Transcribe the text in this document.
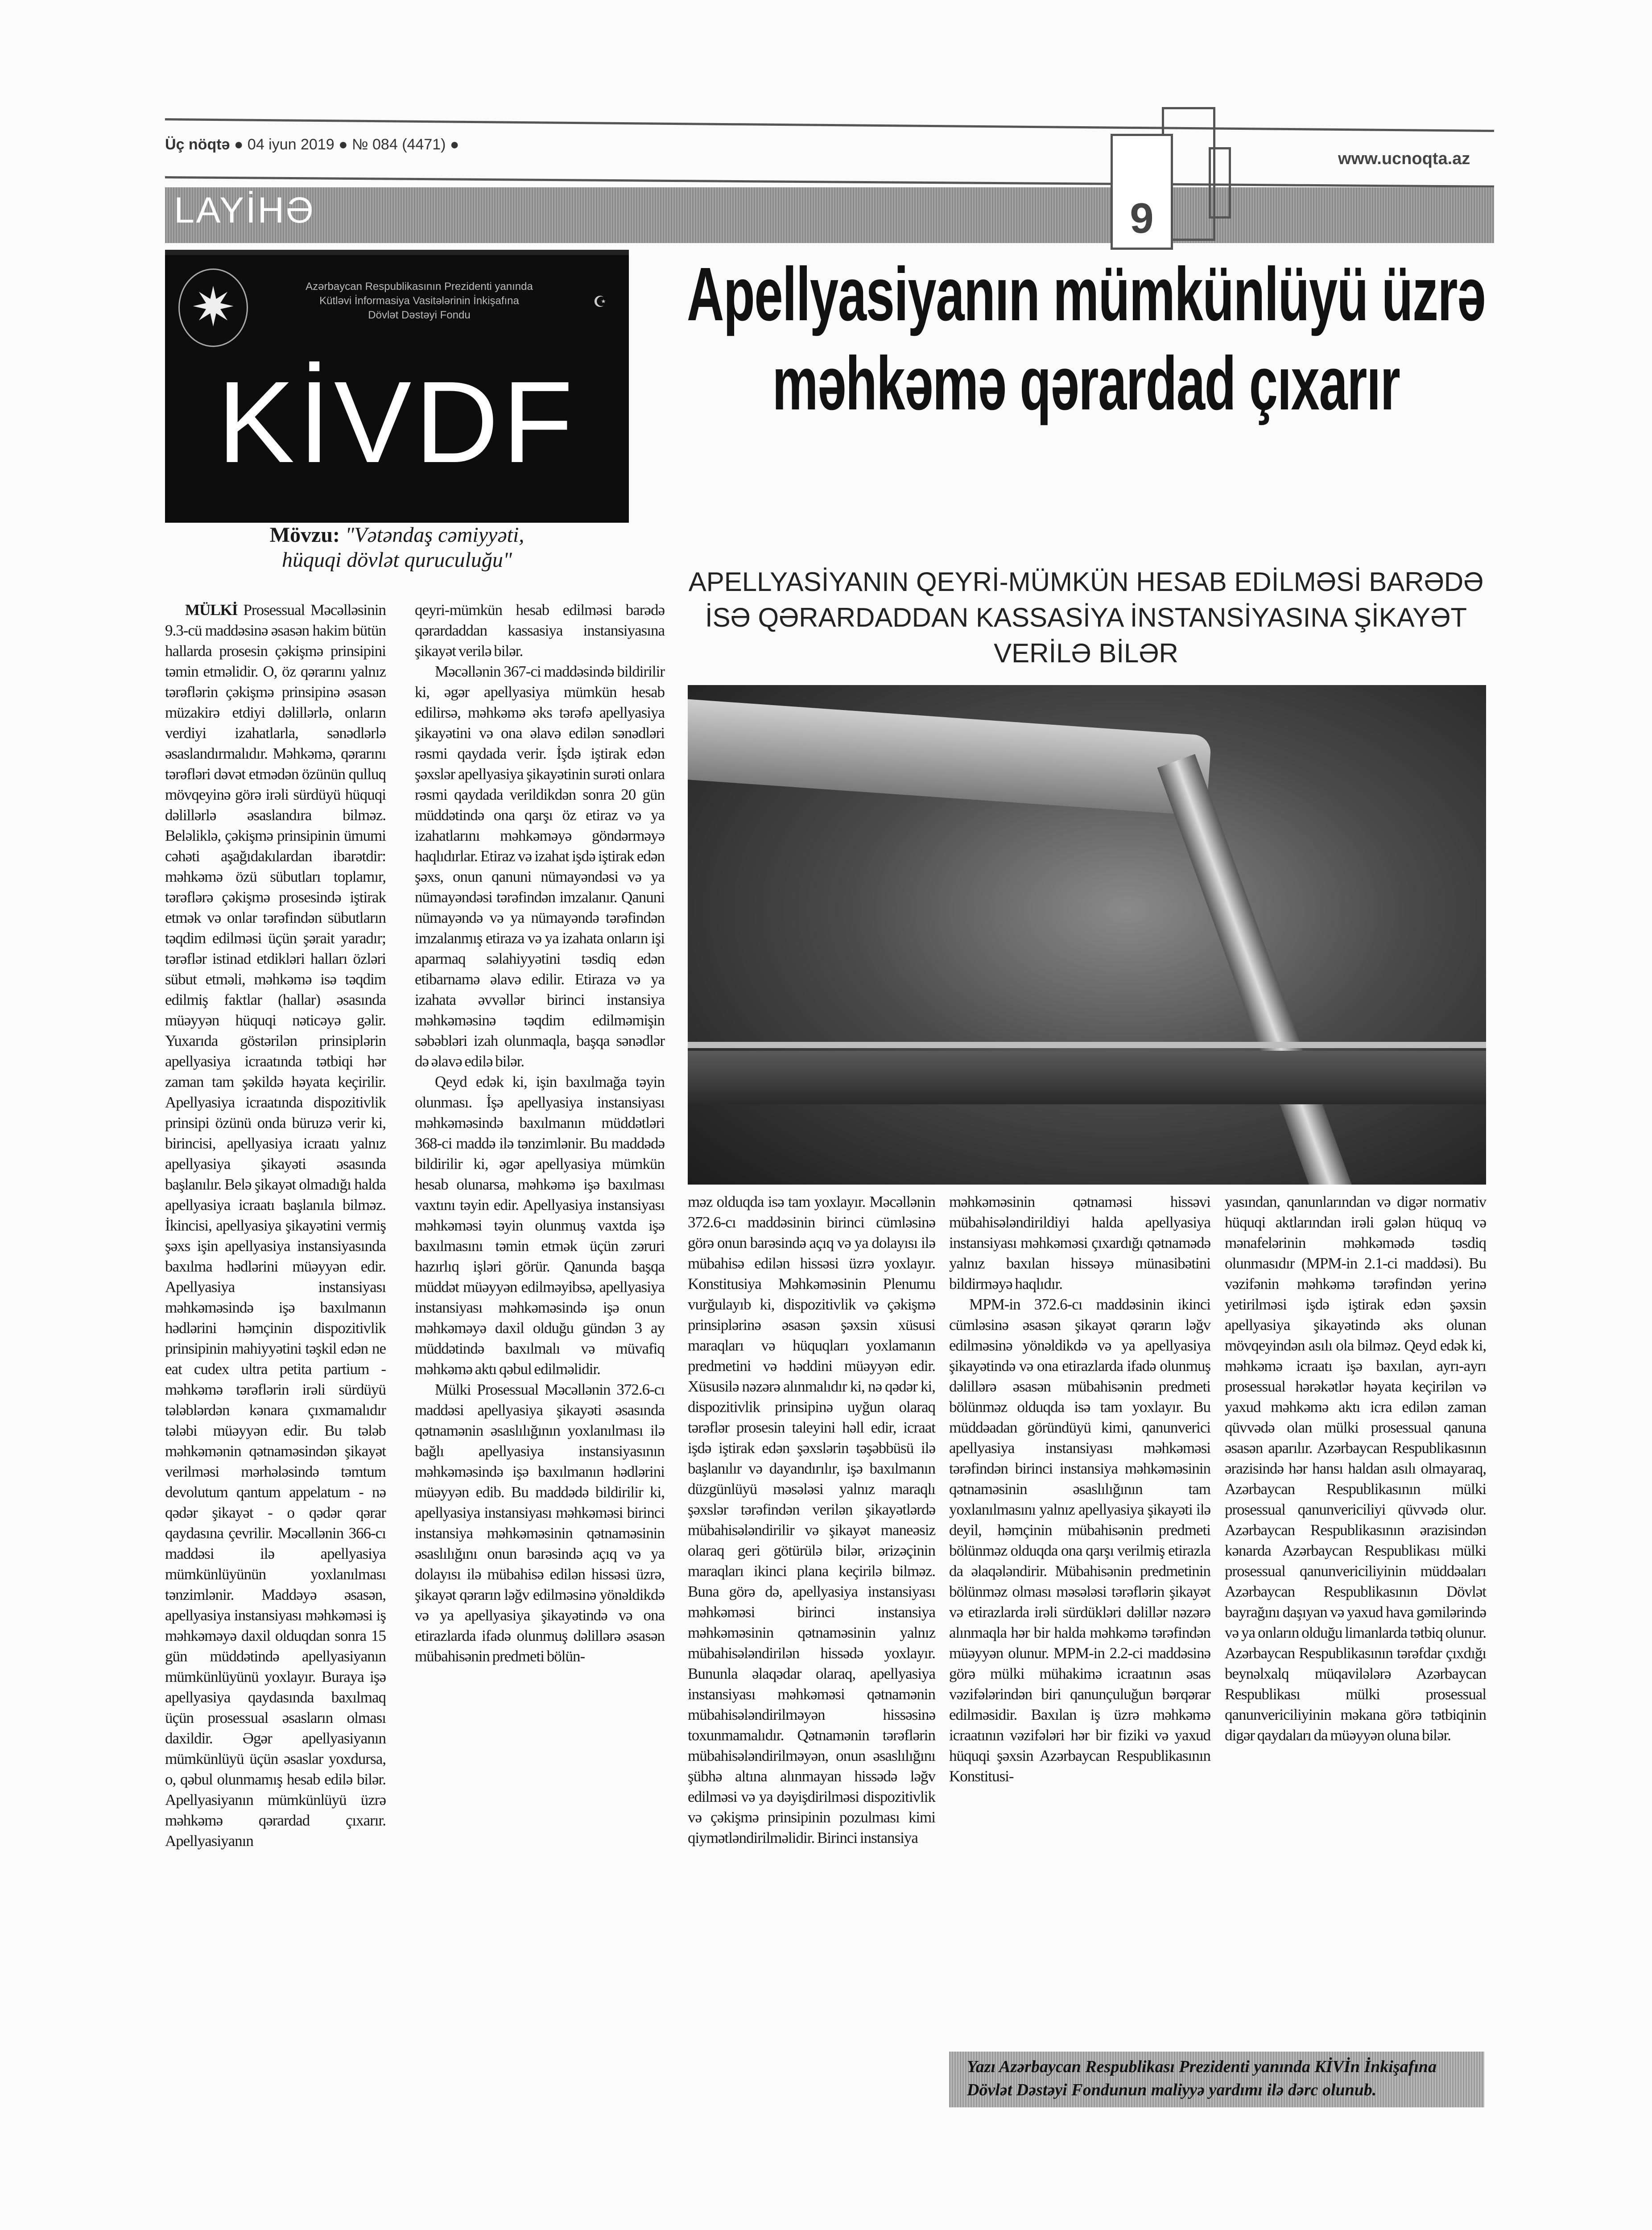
Üç nöqtə ● 04 iyun 2019 ● № 084 (4471) ●
www.ucnoqta.az
LAYİHƏ	9
✷	Azərbaycan Respublikasının Prezidenti yanında
Kütləvi İnformasiya Vasitələrinin İnkişafına
Dövlət Dəstəyi Fondu
☪
KİVDF
Mövzu: "Vətəndaş cəmiyyəti,
hüquqi dövlət quruculuğu"
Apellyasiyanın mümkünlüyü üzrə məhkəmə qərardad çıxarır
APELLYASİYANIN QEYRİ-MÜMKÜN HESAB EDİLMƏSİ BARƏDƏ İSƏ QƏRARDADDAN KASSASİYA İNSTANSİYASINA ŞİKAYƏT VERİLƏ BİLƏR

MÜLKİ Prosessual Məcəlləsinin 9.3-cü maddəsinə əsasən hakim bütün hallarda prosesin çəkişmə prinsipini təmin etməlidir. O, öz qərarını yalnız tərəflərin çəkişmə prinsipinə əsasən müzakirə etdiyi dəlillərlə, onların verdiyi izahatlarla, sənədlərlə əsaslandırmalıdır. Məhkəmə, qərarını tərəfləri dəvət etmədən özünün qulluq mövqeyinə görə irəli sürdüyü hüquqi dəlillərlə əsaslandıra bilməz. Beləliklə, çəkişmə prinsipinin ümumi cəhəti aşağıdakılardan ibarətdir: məhkəmə özü sübutları toplamır, tərəflərə çəkişmə prosesində iştirak etmək və onlar tərəfindən sübutların təqdim edilməsi üçün şərait yaradır; tərəflər istinad etdikləri halları özləri sübut etməli, məhkəmə isə təqdim edilmiş faktlar (hallar) əsasında müəyyən hüquqi nəticəyə gəlir. Yuxarıda göstərilən prinsiplərin apellyasiya icraatında tətbiqi hər zaman tam şəkildə həyata keçirilir. Apellyasiya icraatında dispozitivlik prinsipi özünü onda büruzə verir ki, birincisi, apellyasiya icraatı yalnız apellyasiya şikayəti əsasında başlanılır. Belə şikayət olmadığı halda apellyasiya icraatı başlanıla bilməz. İkincisi, apellyasiya şikayətini vermiş şəxs işin apellyasiya instansiyasında baxılma hədlərini müəyyən edir. Apellyasiya instansiyası məhkəməsində işə baxılmanın hədlərini həmçinin dispozitivlik prinsipinin mahiyyətini təşkil edən ne eat cudex ultra petita partium - məhkəmə tərəflərin irəli sürdüyü tələblərdən kənara çıxmamalıdır tələbi müəyyən edir. Bu tələb məhkəmənin qətnaməsindən şikayət verilməsi mərhələsində təmtum devolutum qantum appelatum - nə qədər şikayət - o qədər qərar qaydasına çevrilir. Məcəllənin 366-cı maddəsi ilə apellyasiya mümkünlüyünün yoxlanılması tənzimlənir. Maddəyə əsasən, apellyasiya instansiyası məhkəməsi iş məhkəməyə daxil olduqdan sonra 15 gün müddətində apellyasiyanın mümkünlüyünü yoxlayır. Buraya işə apellyasiya qaydasında baxılmaq üçün prosessual əsasların olması daxildir. Əgər apellyasiyanın mümkünlüyü üçün əsaslar yoxdursa, o, qəbul olunmamış hesab edilə bilər. Apellyasiyanın mümkünlüyü üzrə məhkəmə qərardad çıxarır. Apellyasiyanın

qeyri-mümkün hesab edilməsi barədə qərardaddan kassasiya instansiyasına şikayət verilə bilər.

Məcəllənin 367-ci maddəsində bildirilir ki, əgər apellyasiya mümkün hesab edilirsə, məhkəmə əks tərəfə apellyasiya şikayətini və ona əlavə edilən sənədləri rəsmi qaydada verir. İşdə iştirak edən şəxslər apellyasiya şikayətinin surəti onlara rəsmi qaydada verildikdən sonra 20 gün müddətində ona qarşı öz etiraz və ya izahatlarını məhkəməyə göndərməyə haqlıdırlar. Etiraz və izahat işdə iştirak edən şəxs, onun qanuni nümayəndəsi və ya nümayəndəsi tərəfindən imzalanır. Qanuni nümayəndə və ya nümayəndə tərəfindən imzalanmış etiraza və ya izahata onların işi aparmaq səlahiyyətini təsdiq edən etibarnamə əlavə edilir. Etiraza və ya izahata əvvəllər birinci instansiya məhkəməsinə təqdim edilməmişin səbəbləri izah olunmaqla, başqa sənədlər də əlavə edilə bilər.

Qeyd edək ki, işin baxılmağa təyin olunması. İşə apellyasiya instansiyası məhkəməsində baxılmanın müddətləri 368-ci maddə ilə tənzimlənir. Bu maddədə bildirilir ki, əgər apellyasiya mümkün hesab olunarsa, məhkəmə işə baxılması vaxtını təyin edir. Apellyasiya instansiyası məhkəməsi təyin olunmuş vaxtda işə baxılmasını təmin etmək üçün zəruri hazırlıq işləri görür. Qanunda başqa müddət müəyyən edilməyibsə, apellyasiya instansiyası məhkəməsində işə onun məhkəməyə daxil olduğu gündən 3 ay müddətində baxılmalı və müvafiq məhkəmə aktı qəbul edilməlidir.

Mülki Prosessual Məcəllənin 372.6-cı maddəsi apellyasiya şikayəti əsasında qətnamənin əsaslılığının yoxlanılması ilə bağlı apellyasiya instansiyasının məhkəməsində işə baxılmanın hədlərini müəyyən edib. Bu maddədə bildirilir ki, apellyasiya instansiyası məhkəməsi birinci instansiya məhkəməsinin qətnaməsinin əsaslılığını onun barəsində açıq və ya dolayısı ilə mübahisə edilən hissəsi üzrə, şikayət qərarın ləğv edilməsinə yönəldikdə və ya apellyasiya şikayətində və ona etirazlarda ifadə olunmuş dəlillərə əsasən mübahisənin predmeti bölün-

məz olduqda isə tam yoxlayır. Məcəllənin 372.6-cı maddəsinin birinci cümləsinə görə onun barəsində açıq və ya dolayısı ilə mübahisə edilən hissəsi üzrə yoxlayır. Konstitusiya Məhkəməsinin Plenumu vurğulayıb ki, dispozitivlik və çəkişmə prinsiplərinə əsasən şəxsin xüsusi maraqları və hüquqları yoxlamanın predmetini və həddini müəyyən edir. Xüsusilə nəzərə alınmalıdır ki, nə qədər ki, dispozitivlik prinsipinə uyğun olaraq tərəflər prosesin taleyini həll edir, icraat işdə iştirak edən şəxslərin təşəbbüsü ilə başlanılır və dayandırılır, işə baxılmanın düzgünlüyü məsələsi yalnız maraqlı şəxslər tərəfindən verilən şikayətlərdə mübahisələndirilir və şikayət maneəsiz olaraq geri götürülə bilər, ərizəçinin maraqları ikinci plana keçirilə bilməz. Buna görə də, apellyasiya instansiyası məhkəməsi birinci instansiya məhkəməsinin qətnaməsinin yalnız mübahisələndirilən hissədə yoxlayır. Bununla əlaqədar olaraq, apellyasiya instansiyası məhkəməsi qətnamənin mübahisələndirilməyən hissəsinə toxunmamalıdır. Qətnamənin tərəflərin mübahisələndirilməyən, onun əsaslılığını şübhə altına alınmayan hissədə ləğv edilməsi və ya dəyişdirilməsi dispozitivlik və çəkişmə prinsipinin pozulması kimi qiymətləndirilməlidir. Birinci instansiya

məhkəməsinin qətnaməsi hissəvi mübahisələndirildiyi halda apellyasiya instansiyası məhkəməsi çıxardığı qətnamədə yalnız baxılan hissəyə münasibətini bildirməyə haqlıdır.

MPM-in 372.6-cı maddəsinin ikinci cümləsinə əsasən şikayət qərarın ləğv edilməsinə yönəldikdə və ya apellyasiya şikayətində və ona etirazlarda ifadə olunmuş dəlillərə əsasən mübahisənin predmeti bölünməz olduqda isə tam yoxlayır. Bu müddəadan göründüyü kimi, qanunverici apellyasiya instansiyası məhkəməsi tərəfindən birinci instansiya məhkəməsinin qətnaməsinin əsaslılığının tam yoxlanılmasını yalnız apellyasiya şikayəti ilə deyil, həmçinin mübahisənin predmeti bölünməz olduqda ona qarşı verilmiş etirazla da əlaqələndirir. Mübahisənin predmetinin bölünməz olması məsələsi tərəflərin şikayət və etirazlarda irəli sürdükləri dəlillər nəzərə alınmaqla hər bir halda məhkəmə tərəfindən müəyyən olunur. MPM-in 2.2-ci maddəsinə görə mülki mühakimə icraatının əsas vəzifələrindən biri qanunçuluğun bərqərar edilməsidir. Baxılan iş üzrə məhkəmə icraatının vəzifələri hər bir fiziki və yaxud hüquqi şəxsin Azərbaycan Respublikasının Konstitusi-

yasından, qanunlarından və digər normativ hüquqi aktlarından irəli gələn hüquq və mənafelərinin məhkəmədə təsdiq olunmasıdır (MPM-in 2.1-ci maddəsi). Bu vəzifənin məhkəmə tərəfindən yerinə yetirilməsi işdə iştirak edən şəxsin apellyasiya şikayətində əks olunan mövqeyindən asılı ola bilməz. Qeyd edək ki, məhkəmə icraatı işə baxılan, ayrı-ayrı prosessual hərəkətlər həyata keçirilən və yaxud məhkəmə aktı icra edilən zaman qüvvədə olan mülki prosessual qanuna əsasən aparılır. Azərbaycan Respublikasının ərazisində hər hansı haldan asılı olmayaraq, Azərbaycan Respublikasının mülki prosessual qanunvericiliyi qüvvədə olur. Azərbaycan Respublikasının ərazisindən kənarda Azərbaycan Respublikası mülki prosessual qanunvericiliyinin müddəaları Azərbaycan Respublikasının Dövlət bayrağını daşıyan və yaxud hava gəmilərində və ya onların olduğu limanlarda tətbiq olunur. Azərbaycan Respublikasının tərəfdar çıxdığı beynəlxalq müqavilələrə Azərbaycan Respublikası mülki prosessual qanunvericiliyinin məkana görə tətbiqinin digər qaydaları da müəyyən oluna bilər.

Yazı Azərbaycan Respublikası Prezidenti yanında KİVİn İnkişafına Dövlət Dəstəyi Fondunun maliyyə yardımı ilə dərc olunub.
